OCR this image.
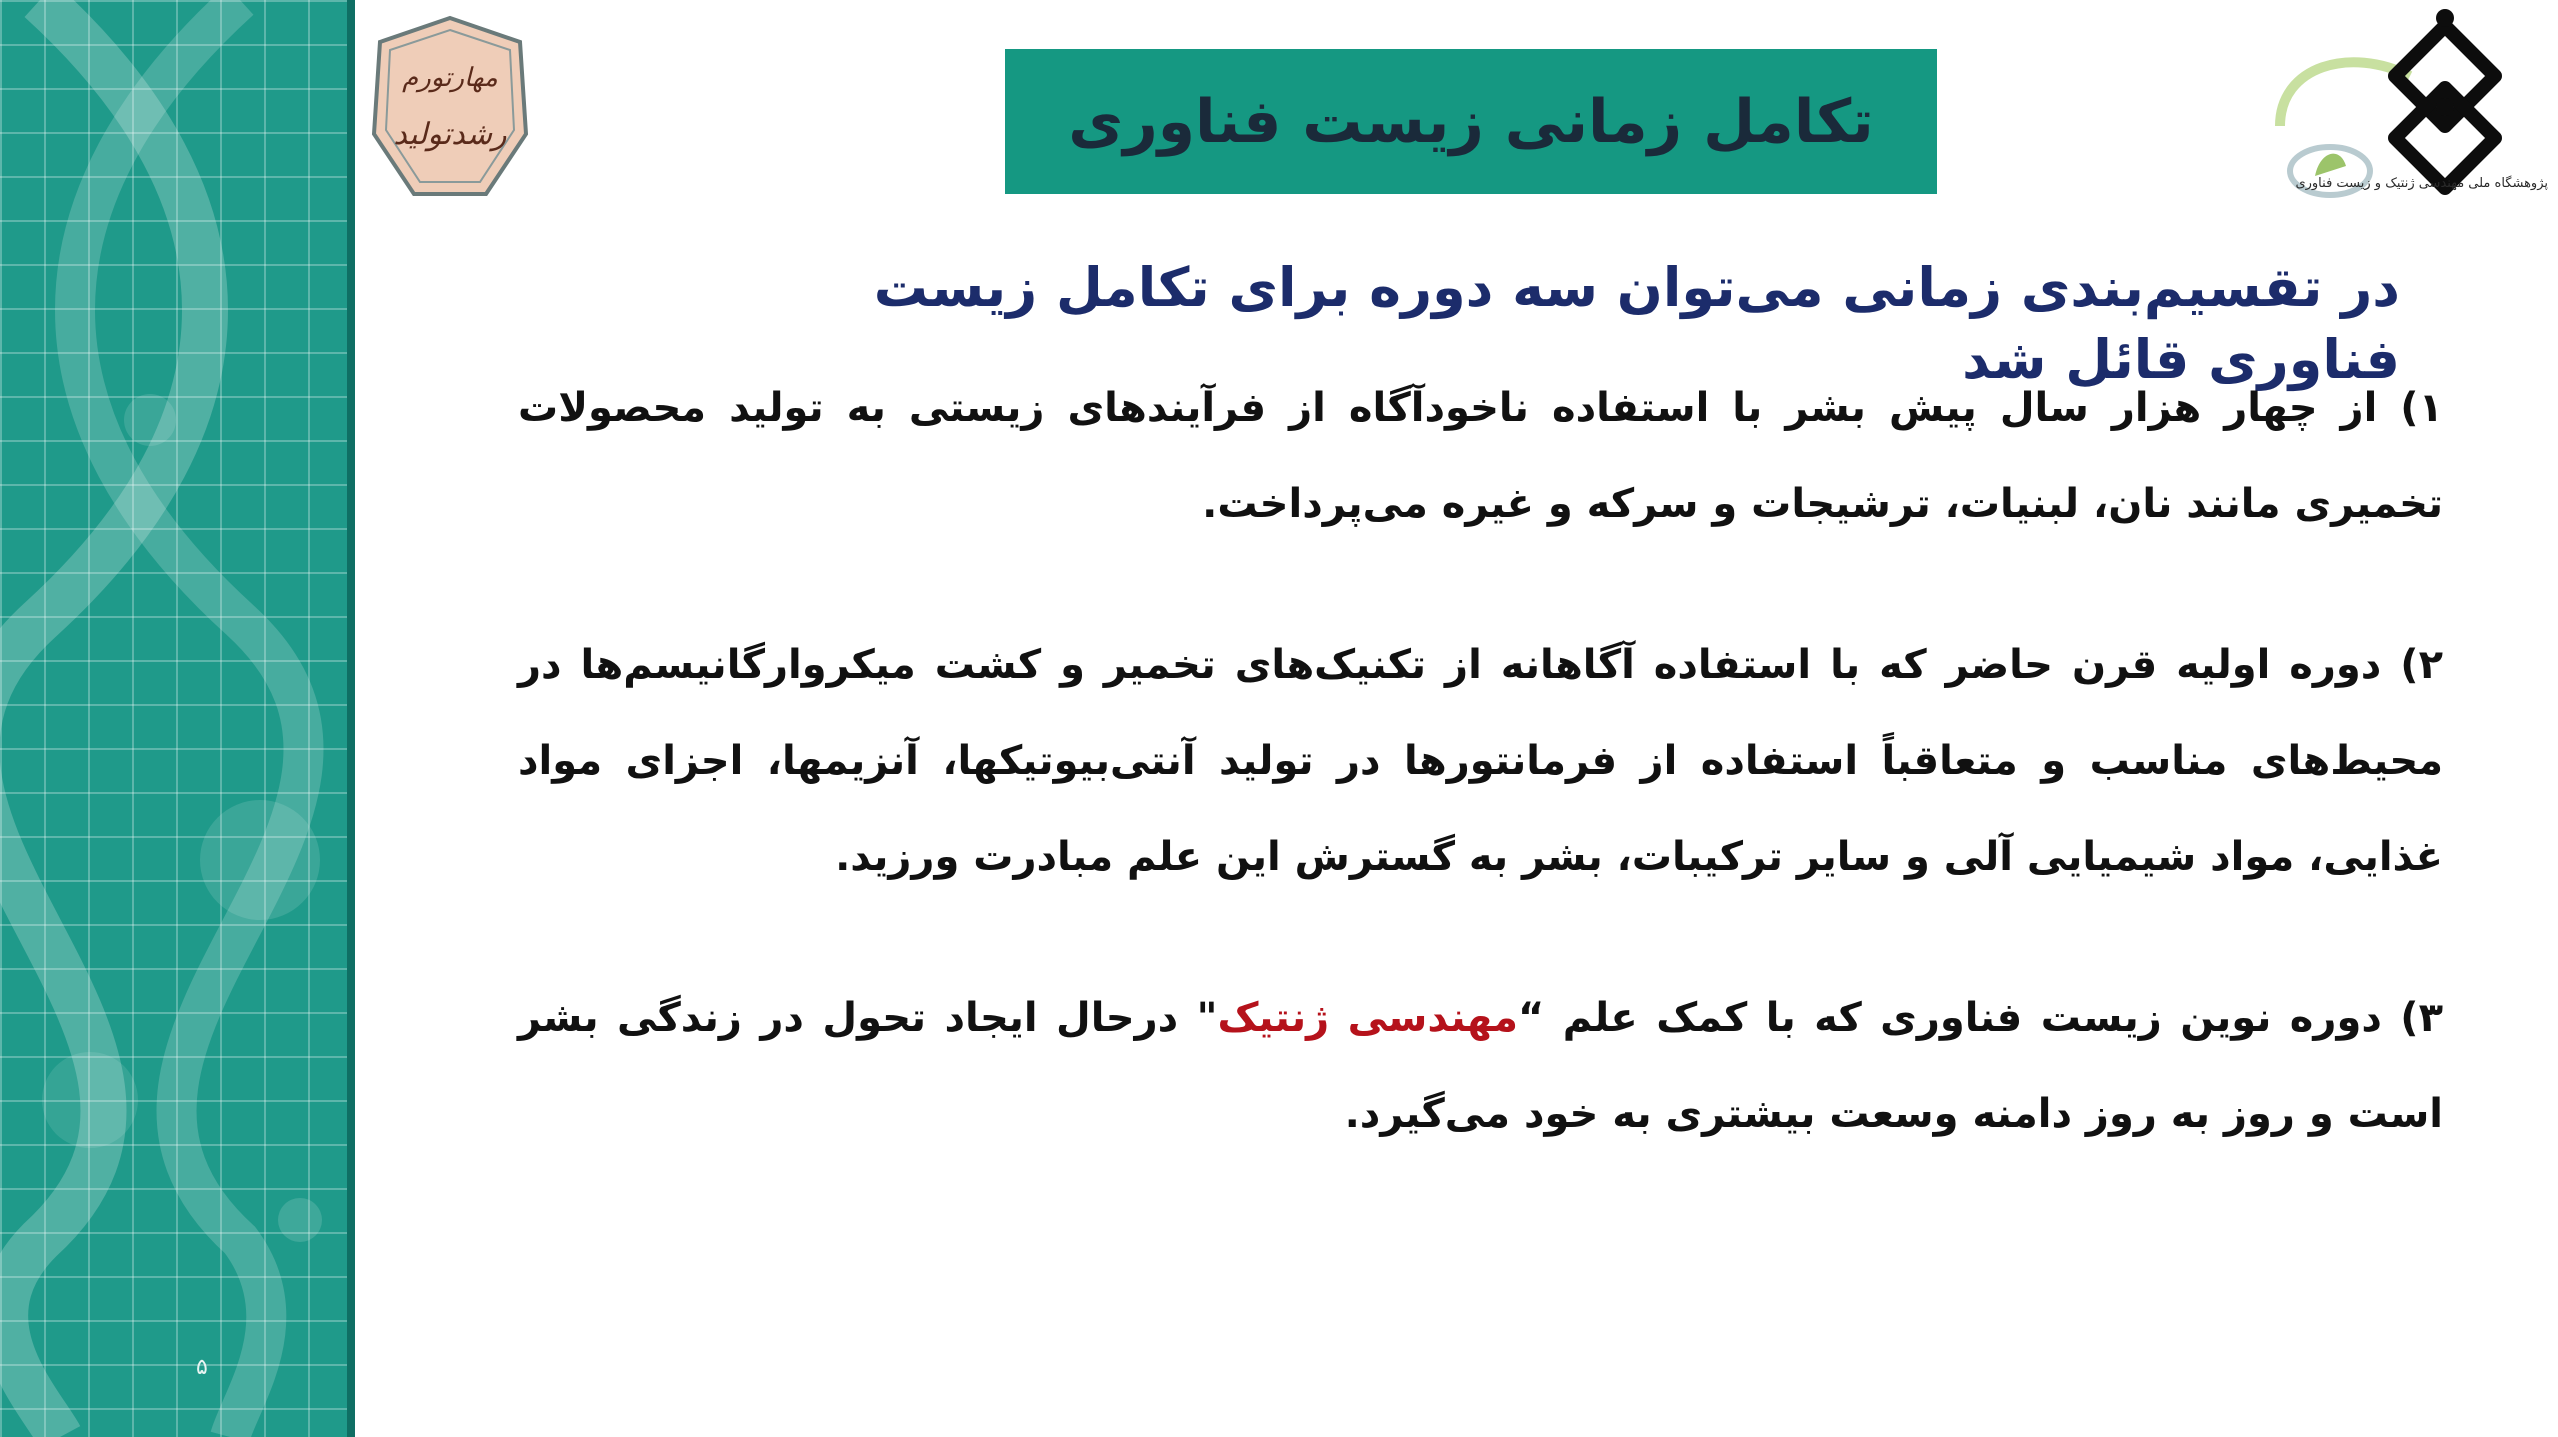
۵
مهارتورم
رشدتولید
پژوهشگاه ملی مهندسی ژنتیک و زیست فناوری
تکامل زمانی زیست فناوری
در تقسیم‌بندی زمانی می‌توان سه دوره برای تکامل زیست فناوری قائل شد

۱) از چهار هزار سال پیش بشر با استفاده ناخودآگاه از فرآیندهای زیستی به تولید محصولات تخمیری مانند نان، لبنیات، ترشیجات و سرکه و غیره می‌پرداخت.

۲) دوره اولیه قرن حاضر که با استفاده آگاهانه از تکنیک‌های تخمیر و کشت میکروارگانیسم‌ها در محیط‌های مناسب و متعاقباً استفاده از فرمانتورها در تولید آنتی‌بیوتیکها، آنزیمها، اجزای مواد غذایی، مواد شیمیایی آلی و سایر ترکیبات، بشر به گسترش این علم مبادرت ورزید.

۳) دوره نوین زیست فناوری که با کمک علم “مهندسی ژنتیک" درحال ایجاد تحول در زندگی بشر است و روز به روز دامنه وسعت بیشتری به خود می‌گیرد.
